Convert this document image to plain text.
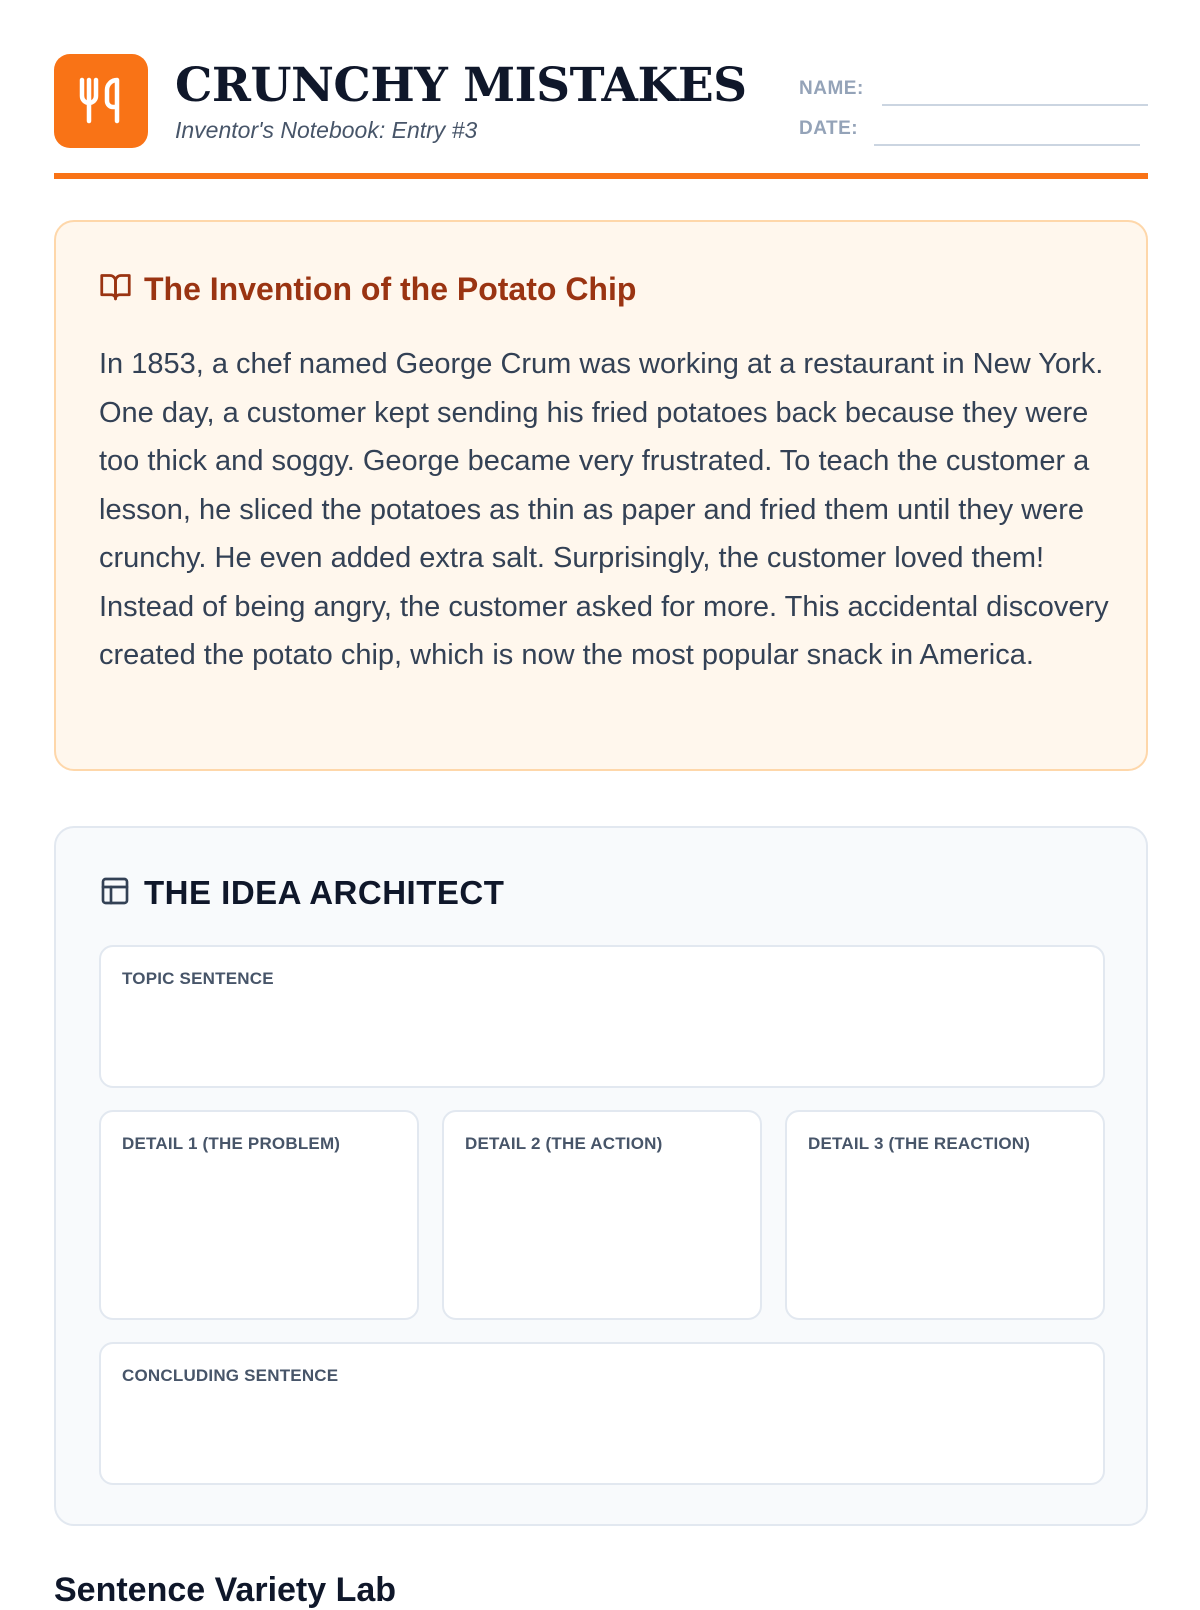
CRUNCHY MISTAKES
Inventor's Notebook: Entry #3
NAME:
DATE:
The Invention of the Potato Chip

In 1853, a chef named George Crum was working at a restaurant in New York. One day, a customer kept sending his fried potatoes back because they were too thick and soggy. George became very frustrated. To teach the customer a lesson, he sliced the potatoes as thin as paper and fried them until they were crunchy. He even added extra salt. Surprisingly, the customer loved them! Instead of being angry, the customer asked for more. This accidental discovery created the potato chip, which is now the most popular snack in America.

THE IDEA ARCHITECT
TOPIC SENTENCE
DETAIL 1 (THE PROBLEM)	DETAIL 2 (THE ACTION)	DETAIL 3 (THE REACTION)
CONCLUDING SENTENCE
Sentence Variety Lab
